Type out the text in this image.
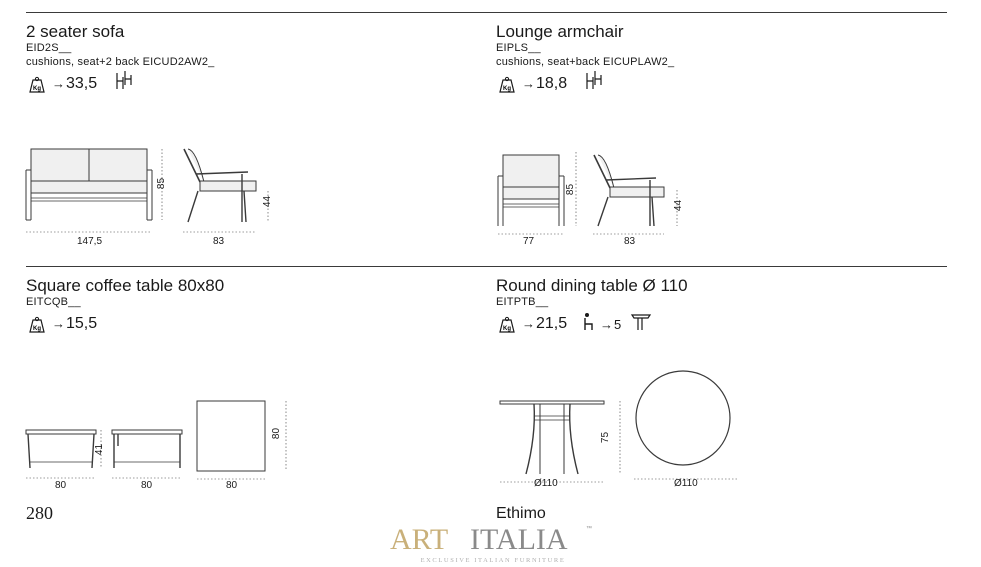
2 seater sofa
EID2S__
cushions, seat+2 back EICUD2AW2_
Kg → 33,5
147,5
85
83
44
Lounge armchair
EIPLS__
cushions, seat+back EICUPLAW2_
Kg → 18,8
77
85
83
44
Square coffee table 80x80
EITCQB__
Kg → 15,5
80
41
80	80
80
Round dining table Ø 110
EITPTB__
Kg → 21,5	→ 5
Ø110
75
Ø110
280	Ethimo
ART ITALIA	™
EXCLUSIVE ITALIAN FURNITURE
